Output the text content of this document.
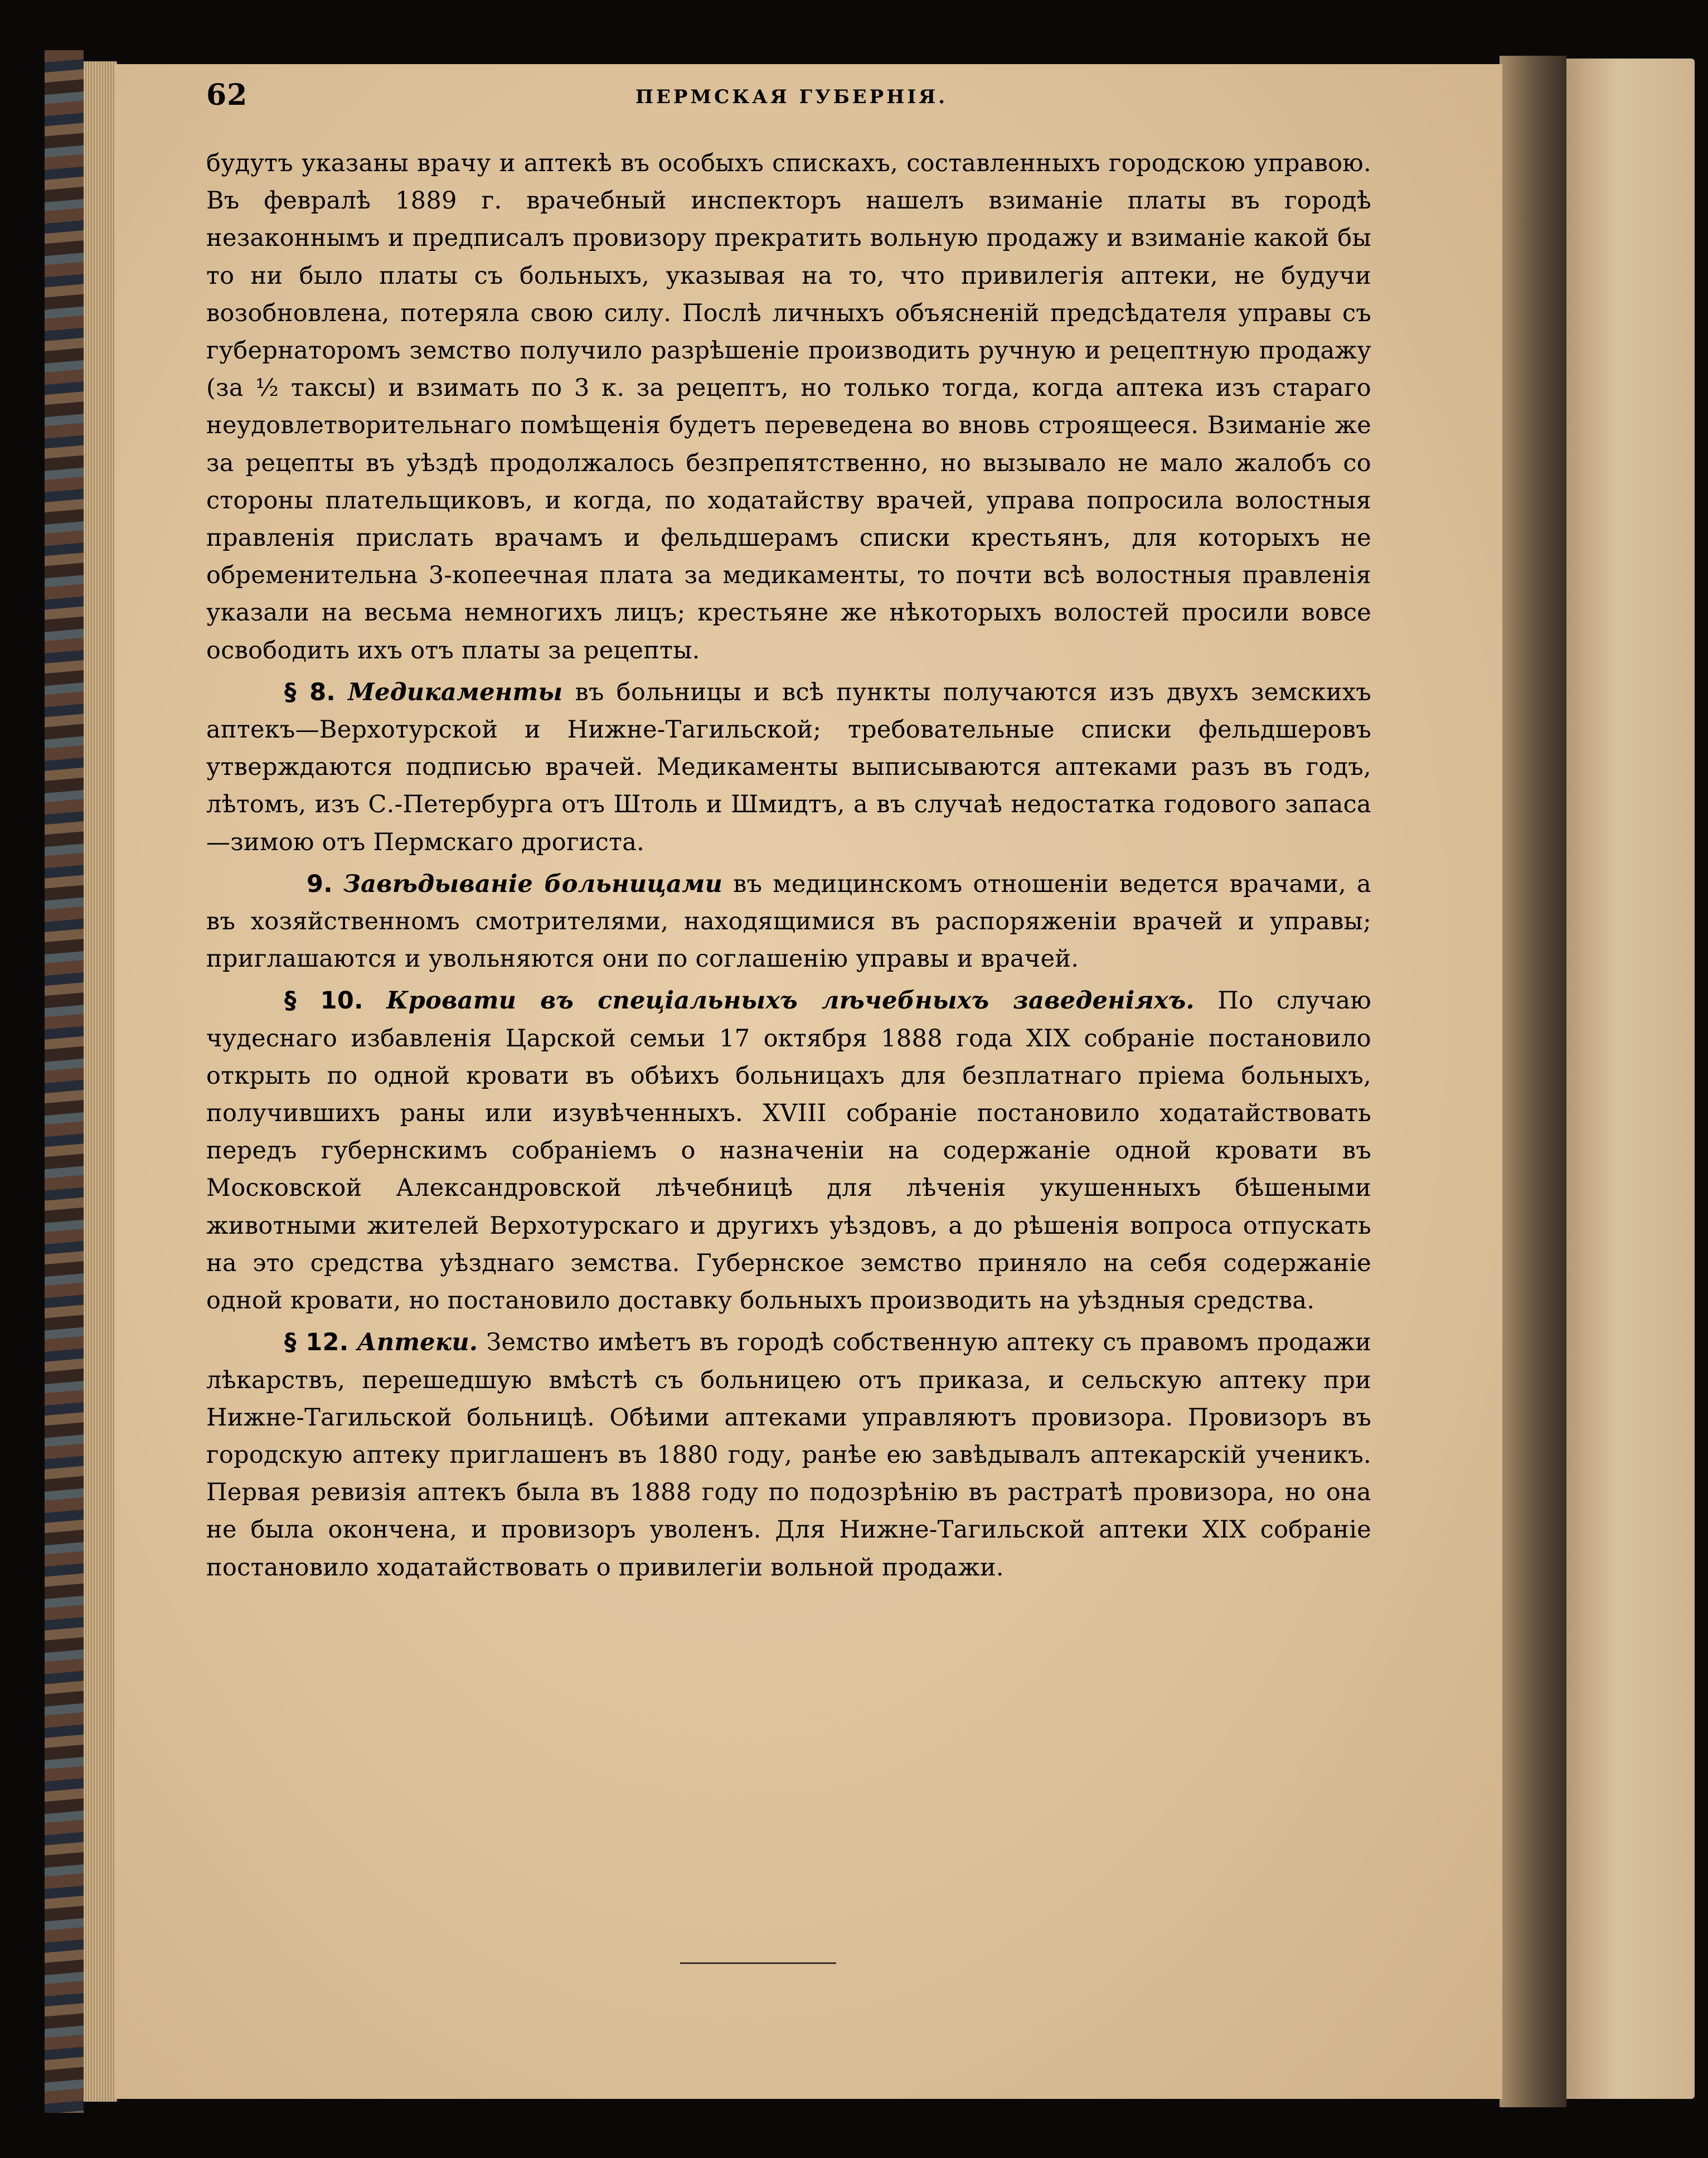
62	ПЕРМСКАЯ ГУБЕРНІЯ.

будутъ указаны врачу и аптекѣ въ особыхъ спискахъ, составленныхъ городскою управою. Въ февралѣ 1889 г. врачебный инспекторъ нашелъ взиманіе платы въ городѣ незаконнымъ и предписалъ провизору прекратить вольную продажу и взиманіе какой бы то ни было платы съ больныхъ, указывая на то, что привилегія аптеки, не будучи возобновлена, потеряла свою силу. Послѣ личныхъ объясненій предсѣдателя управы съ губернаторомъ земство получило разрѣшеніе производить ручную и рецептную продажу (за ½ таксы) и взимать по 3 к. за рецептъ, но только тогда, когда аптека изъ стараго неудовлетворительнаго помѣщенія будетъ переведена во вновь строящееся. Взиманіе же за рецепты въ уѣздѣ продолжалось безпрепятственно, но вызывало не мало жалобъ со стороны плательщиковъ, и когда, по ходатайству врачей, управа попросила волостныя правленія прислать врачамъ и фельдшерамъ списки крестьянъ, для которыхъ не обременительна 3-копеечная плата за медикаменты, то почти всѣ волостныя правленія указали на весьма немногихъ лицъ; крестьяне же нѣкоторыхъ волостей просили вовсе освободить ихъ отъ платы за рецепты.

§ 8. Медикаменты въ больницы и всѣ пункты получаются изъ двухъ земскихъ аптекъ—Верхотурской и Нижне-Тагильской; требовательные списки фельдшеровъ утверждаются подписью врачей. Медикаменты выписываются аптеками разъ въ годъ, лѣтомъ, изъ С.-Петербурга отъ Штоль и Шмидтъ, а въ случаѣ недостатка годового запаса—зимою отъ Пермскаго дрогиста.

9. Завѣдываніе больницами въ медицинскомъ отношеніи ведется врачами, а въ хозяйственномъ смотрителями, находящимися въ распоряженіи врачей и управы; приглашаются и увольняются они по соглашенію управы и врачей.

§ 10. Кровати въ спеціальныхъ лѣчебныхъ заведеніяхъ. По случаю чудеснаго избавленія Царской семьи 17 октября 1888 года XIX собраніе постановило открыть по одной кровати въ обѣихъ больницахъ для безплатнаго пріема больныхъ, получившихъ раны или изувѣченныхъ. XVIII собраніе постановило ходатайствовать передъ губернскимъ собраніемъ о назначеніи на содержаніе одной кровати въ Московской Александровской лѣчебницѣ для лѣченія укушенныхъ бѣшеными животными жителей Верхотурскаго и другихъ уѣздовъ, а до рѣшенія вопроса отпускать на это средства уѣзднаго земства. Губернское земство приняло на себя содержаніе одной кровати, но постановило доставку больныхъ производить на уѣздныя средства.

§ 12. Аптеки. Земство имѣетъ въ городѣ собственную аптеку съ правомъ продажи лѣкарствъ, перешедшую вмѣстѣ съ больницею отъ приказа, и сельскую аптеку при Нижне-Тагильской больницѣ. Обѣими аптеками управляютъ провизора. Провизоръ въ городскую аптеку приглашенъ въ 1880 году, ранѣе ею завѣдывалъ аптекарскій ученикъ. Первая ревизія аптекъ была въ 1888 году по подозрѣнію въ растратѣ провизора, но она не была окончена, и провизоръ уволенъ. Для Нижне-Тагильской аптеки XIX собраніе постановило ходатайствовать о привилегіи вольной продажи.
